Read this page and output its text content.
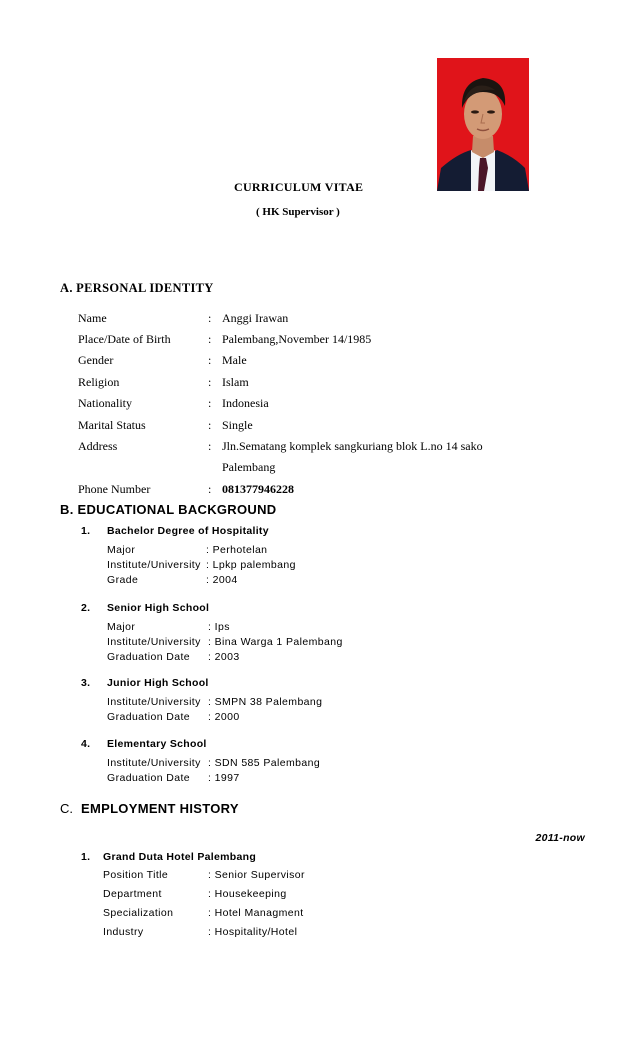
CURRICULUM VITAE
( HK Supervisor )
A. PERSONAL IDENTITY
Name	: Anggi Irawan
Place/Date of Birth	: Palembang,November 14/1985
Gender	: Male
Religion	: Islam
Nationality	: Indonesia
Marital Status	: Single
Address	: Jln.Sematang komplek sangkuriang blok L.no 14 sako
Palembang
Phone Number	: 081377946228
B. EDUCATIONAL BACKGROUND
1. Bachelor Degree of Hospitality
Major	: Perhotelan
Institute/University : Lpkp palembang
Grade	: 2004
2. Senior High School
Major	: Ips
Institute/University : Bina Warga 1 Palembang
Graduation Date : 2003
3. Junior High School
Institute/University : SMPN 38 Palembang
Graduation Date : 2000
4. Elementary School
Institute/University : SDN 585 Palembang
Graduation Date : 1997
C. EMPLOYMENT HISTORY
2011-now
1. Grand Duta Hotel Palembang
Position Title	: Senior Supervisor
Department	: Housekeeping
Specialization	: Hotel Managment
Industry	: Hospitality/Hotel
